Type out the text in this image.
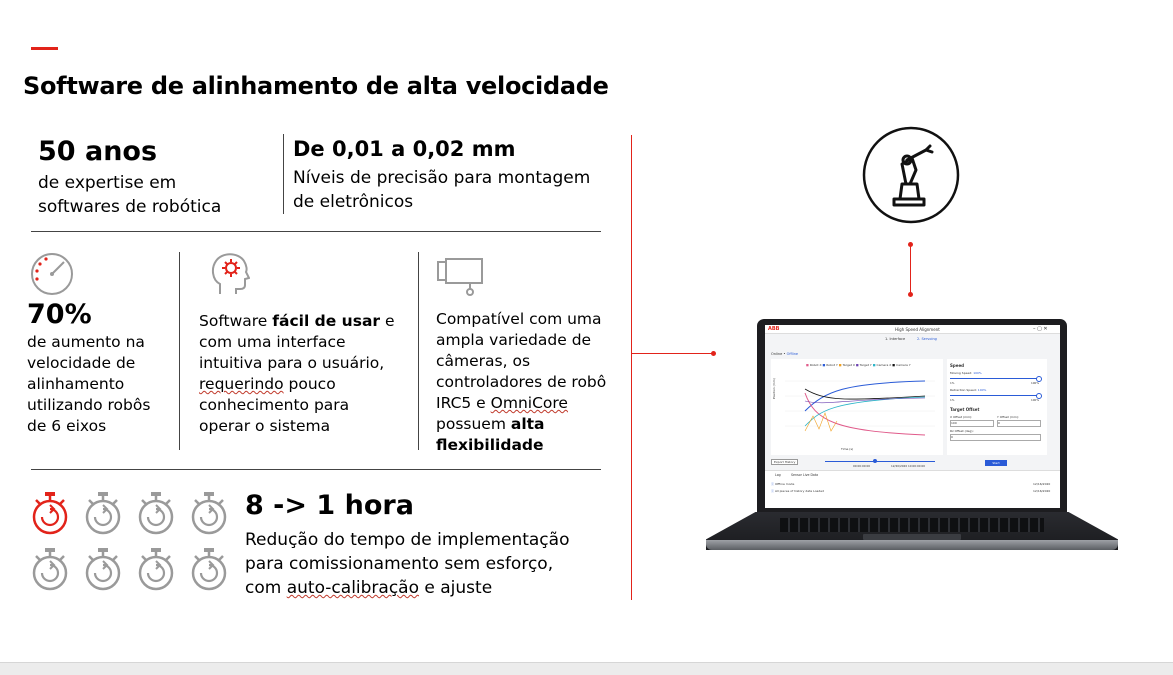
Software de alinhamento de alta velocidade
50 anos
de expertise em
softwares de robótica
De 0,01 a 0,02 mm
Níveis de precisão para montagem
de eletrônicos
70%
de aumento na
velocidade de
alinhamento
utilizando robôs
de 6 eixos
Software fácil de usar e
com uma interface
intuitiva para o usuário,
requerindo pouco
conhecimento para
operar o sistema
Compatível com uma
ampla variedade de
câmeras, os
controladores de robô
IRC5 e OmniCore
possuem alta
flexibilidade
8 -> 1 hora
Redução do tempo de implementação
para comissionamento sem esforço,
com auto-calibração e ajuste
ABB	High Speed Alignment	– ▢ ✕
1. Interface	2. Servoing
Online • Offline
■ Robot X ■ Robot Y ■ Target X ■ Target Y ■ Camera X ■ Camera Y
Position (mm)
Time (s)
Speed
Moving Speed: 100%
1%	100%
Retraction Speed: 100%
1%	100%
Target Offset
X Offset (mm):	Y Offset (mm):
100	0
Rz Offset (deg):
0
Export History
00:00:00:00	12/20/2020 10:00:00:00
Start
Log	Sensor Live Data
ⓘ Offline mode	12/16/2020
ⓘ All pieces of history data Loaded	12/16/2020
